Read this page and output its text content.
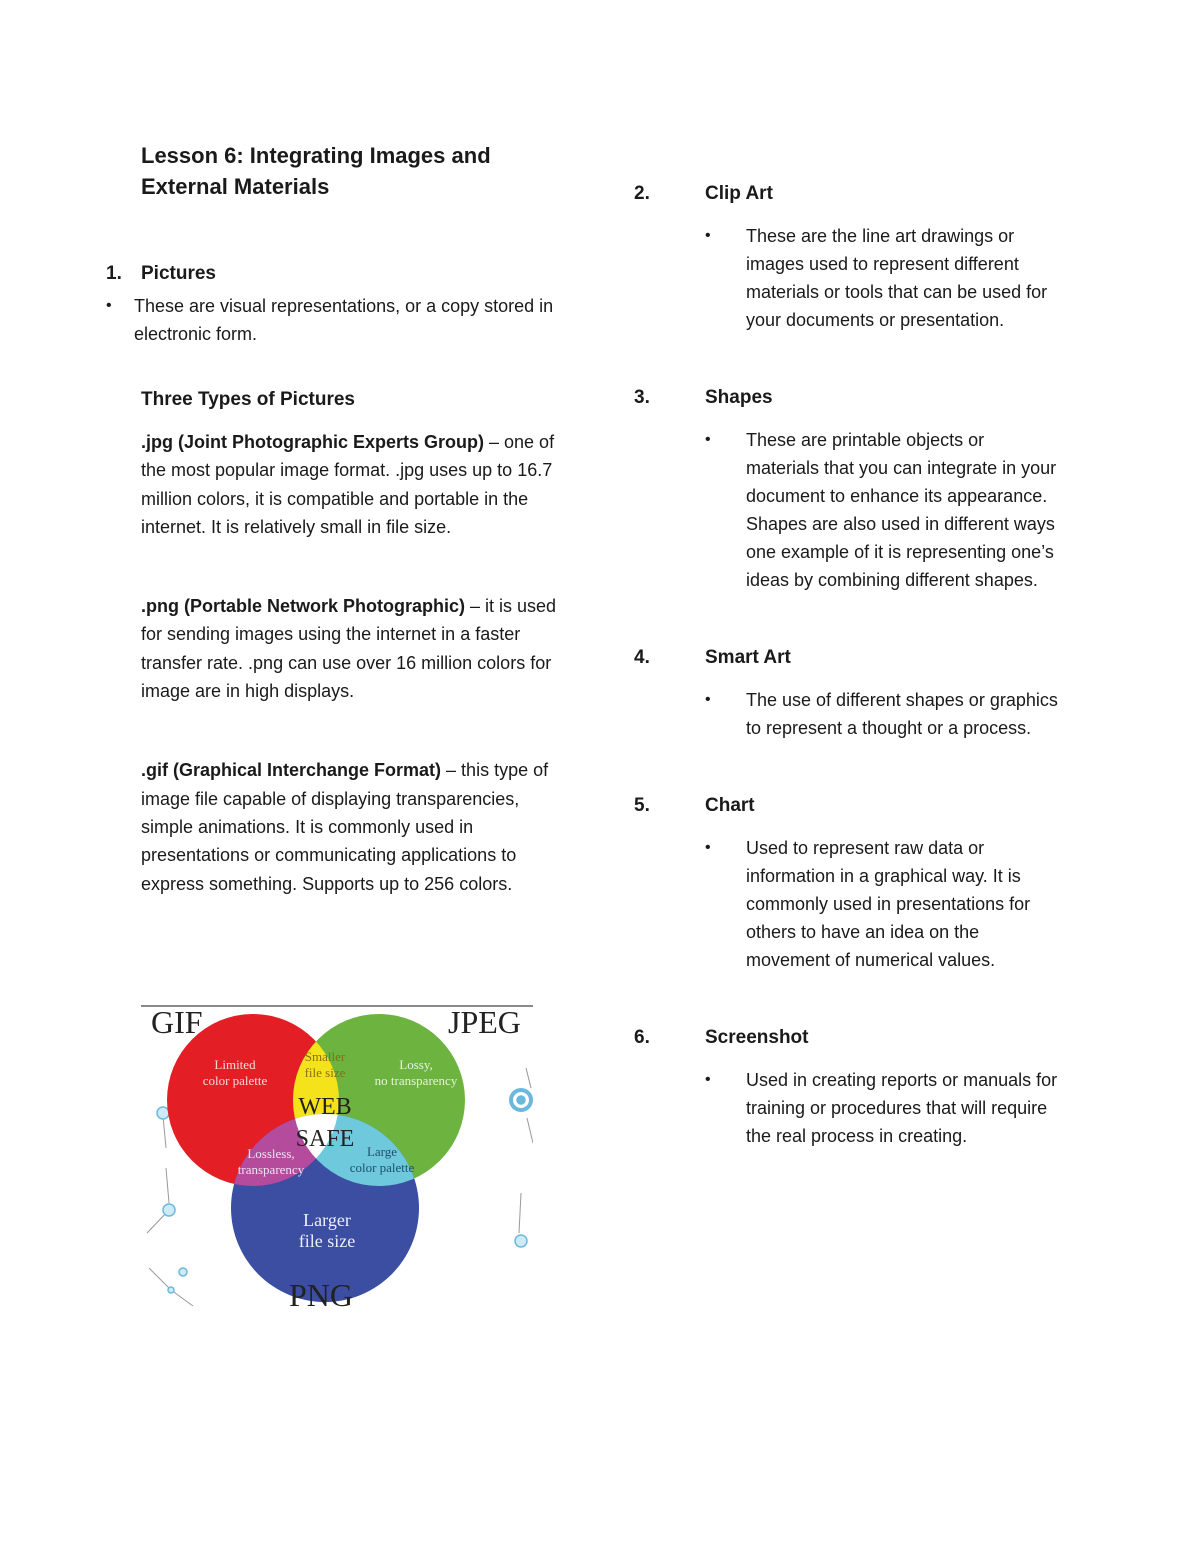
Lesson 6: Integrating Images and External Materials
1.	Pictures
•	These are visual representations, or a copy stored in electronic form.
Three Types of Pictures

.jpg (Joint Photographic Experts Group) – one of the most popular image format. .jpg uses up to 16.7 million colors, it is compatible and portable in the internet. It is relatively small in file size.

.png (Portable Network Photographic) – it is used for sending images using the internet in a faster transfer rate. .png can use over 16 million colors for image are in high displays.

.gif (Graphical Interchange Format) – this type of image file capable of displaying transparencies, simple animations. It is commonly used in presentations or communicating applications to express something. Supports up to 256 colors.

GIF	JPEG
PNG
Limited
color palette
Lossy,
no transparency
Smaller
file size
Lossless,
transparency
Large
color palette
WEB
SAFE
Larger
file size
2.	Clip Art
•	These are the line art drawings or images used to represent different materials or tools that can be used for your documents or presentation.
3.	Shapes
•	These are printable objects or materials that you can integrate in your document to enhance its appearance. Shapes are also used in different ways one example of it is representing one’s ideas by combining different shapes.
4.	Smart Art
•	The use of different shapes or graphics to represent a thought or a process.
5.	Chart
•	Used to represent raw data or information in a graphical way. It is commonly used in presentations for others to have an idea on the movement of numerical values.
6.	Screenshot
•	Used in creating reports or manuals for training or procedures that will require the real process in creating.
